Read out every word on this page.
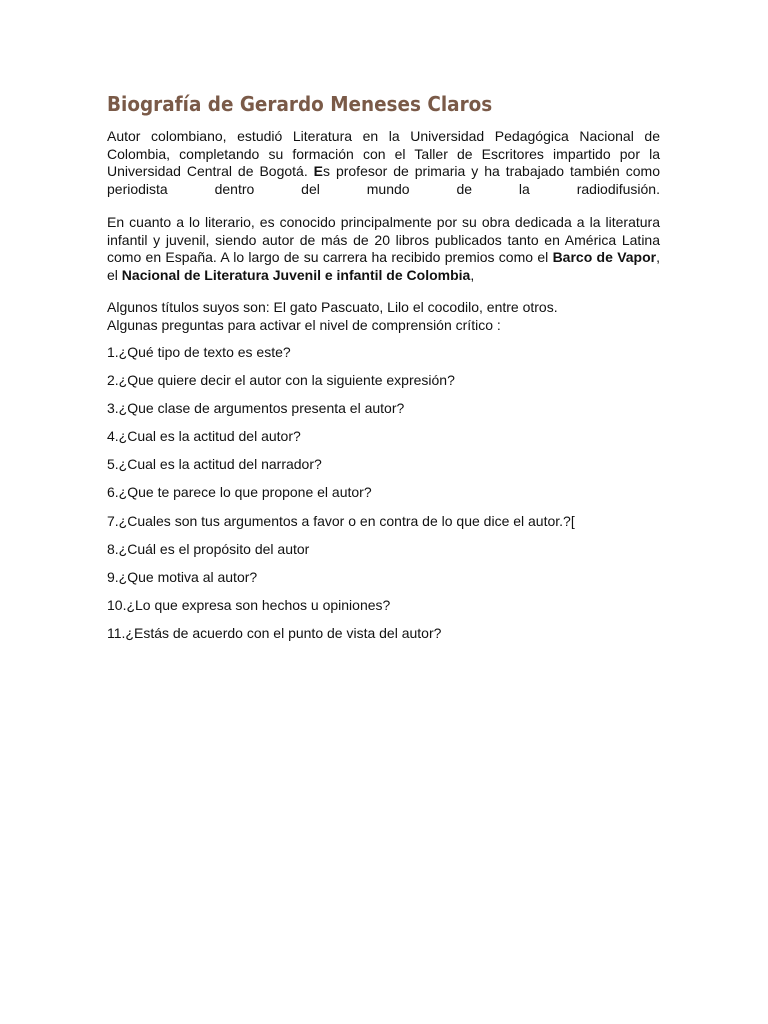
Biografía de Gerardo Meneses Claros

Autor colombiano, estudió Literatura en la Universidad Pedagógica Nacional de Colombia, completando su formación con el Taller de Escritores impartido por la Universidad Central de Bogotá. Es profesor de primaria y ha trabajado también como periodista dentro del mundo de la radiodifusión.

En cuanto a lo literario, es conocido principalmente por su obra dedicada a la literatura infantil y juvenil, siendo autor de más de 20 libros publicados tanto en América Latina como en España. A lo largo de su carrera ha recibido premios como el Barco de Vapor, el Nacional de Literatura Juvenil e infantil de Colombia,

Algunos títulos suyos son: El gato Pascuato, Lilo el cocodilo, entre otros.

Algunas preguntas para activar el nivel de comprensión crítico :

1.¿Qué tipo de texto es este?

2.¿Que quiere decir el autor con la siguiente expresión?

3.¿Que clase de argumentos presenta el autor?

4.¿Cual es la actitud del autor?

5.¿Cual es la actitud del narrador?

6.¿Que te parece lo que propone el autor?

7.¿Cuales son tus argumentos a favor o en contra de lo que dice el autor.?[

8.¿Cuál es el propósito del autor

9.¿Que motiva al autor?

10.¿Lo que expresa son hechos u opiniones?

11.¿Estás de acuerdo con el punto de vista del autor?
